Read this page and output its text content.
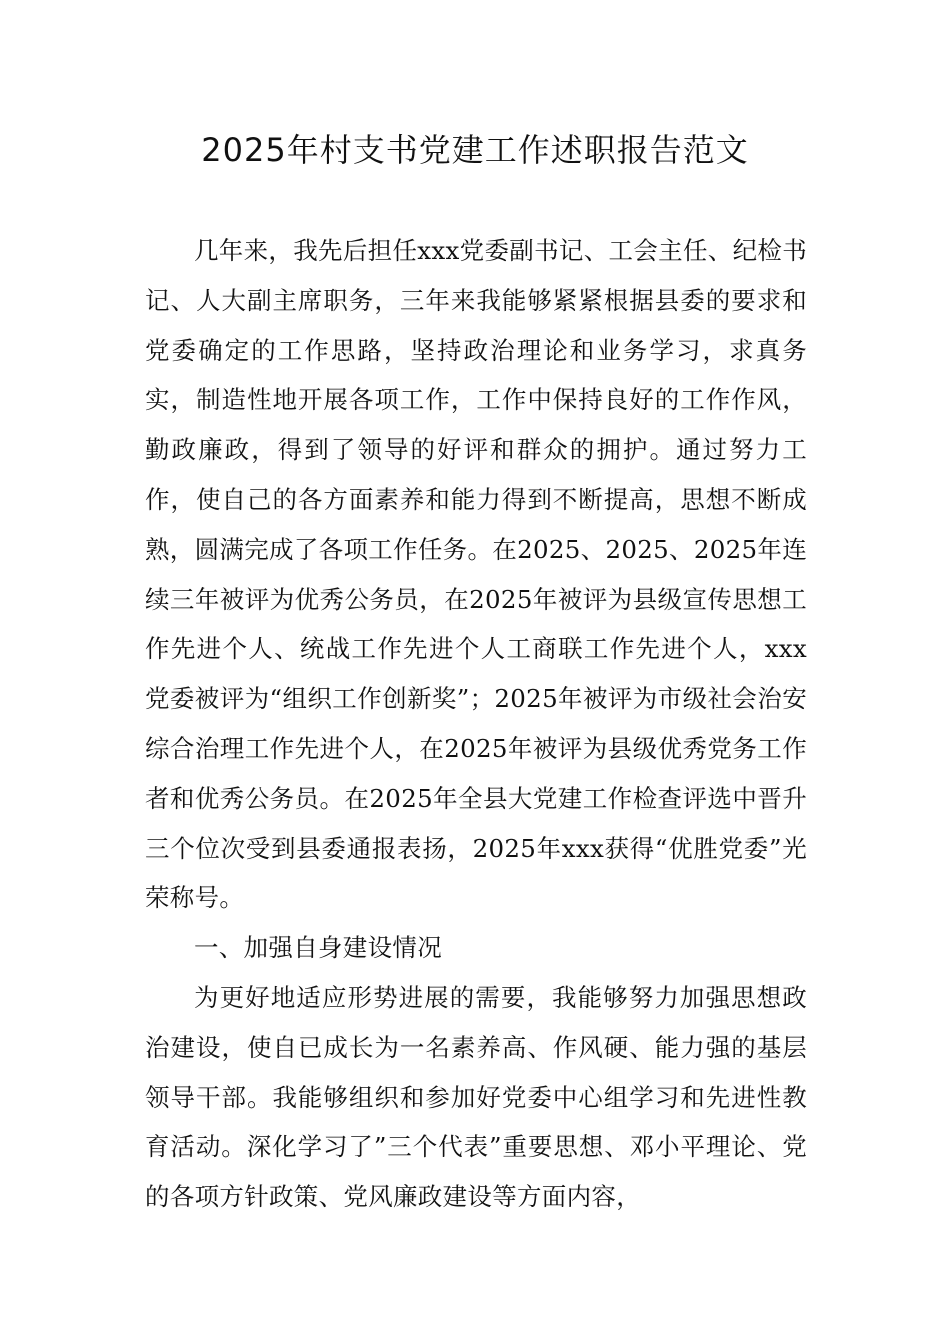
2025年村支书党建工作述职报告范文

几年来，我先后担任xxx党委副书记、工会主任、纪检书记、人大副主席职务，三年来我能够紧紧根据县委的要求和党委确定的工作思路，坚持政治理论和业务学习，求真务实，制造性地开展各项工作，工作中保持良好的工作作风，勤政廉政，得到了领导的好评和群众的拥护。通过努力工作，使自己的各方面素养和能力得到不断提高，思想不断成熟，圆满完成了各项工作任务。在2025、2025、2025年连续三年被评为优秀公务员，在2025年被评为县级宣传思想工作先进个人、统战工作先进个人工商联工作先进个人，xxx党委被评为“组织工作创新奖”；2025年被评为市级社会治安综合治理工作先进个人，在2025年被评为县级优秀党务工作者和优秀公务员。在2025年全县大党建工作检查评选中晋升三个位次受到县委通报表扬，2025年xxx获得“优胜党委”光荣称号。

一、加强自身建设情况

为更好地适应形势进展的需要，我能够努力加强思想政治建设，使自已成长为一名素养高、作风硬、能力强的基层领导干部。我能够组织和参加好党委中心组学习和先进性教育活动。深化学习了”三个代表”重要思想、邓小平理论、党的各项方针政策、党风廉政建设等方面内容，
